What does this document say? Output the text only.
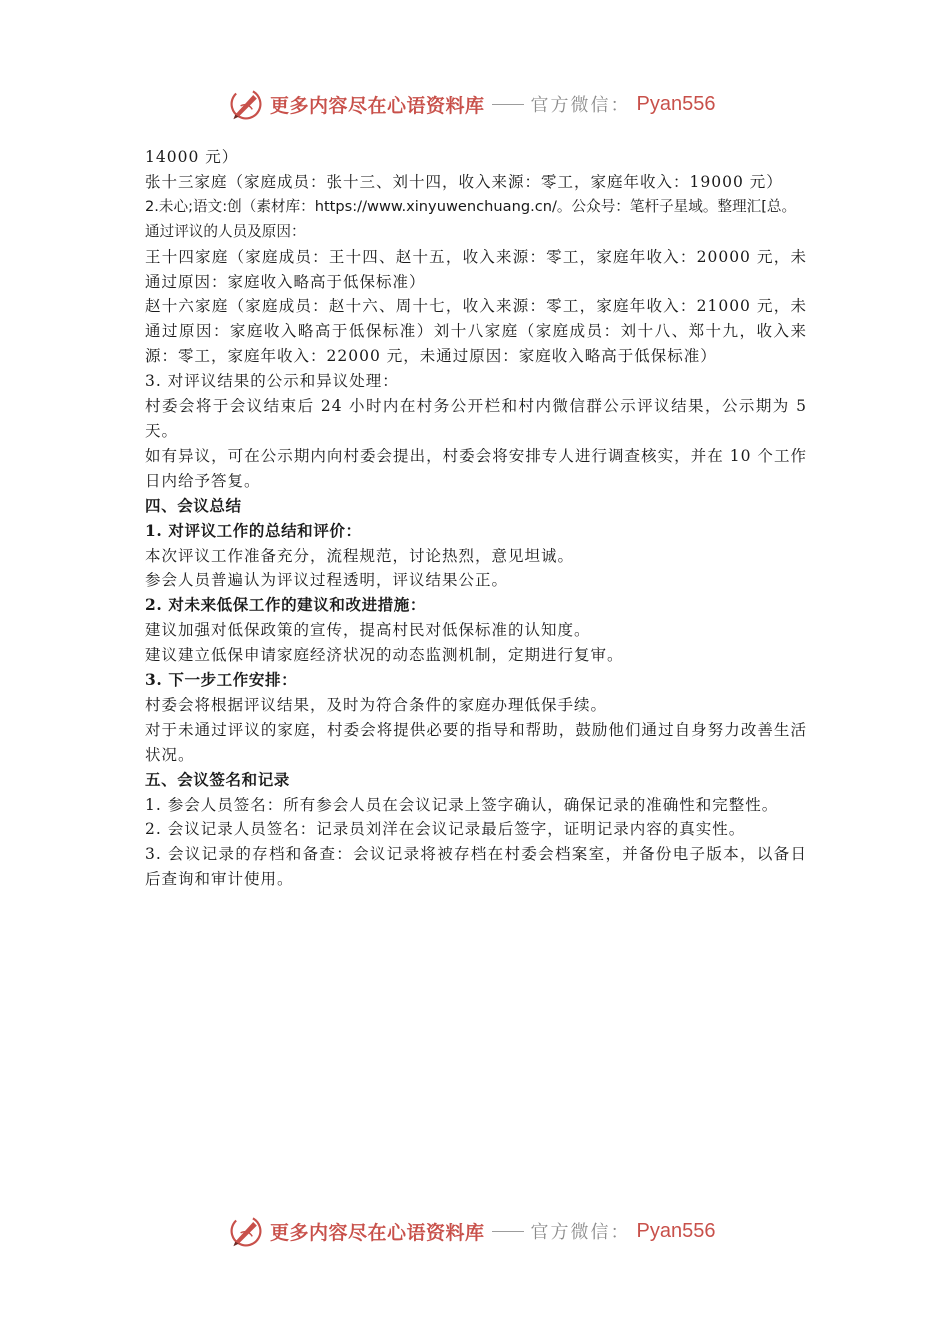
更多内容尽在心语资料库	官方微信： Pyan556

14000 元）

张十三家庭（家庭成员：张十三、刘十四，收入来源：零工，家庭年收入：19000 元）

2.未心;语文:创（素材库：https://www.xinyuwenchuang.cn/。公众号：笔杆子星域。整理汇[总。通过评议的人员及原因：

王十四家庭（家庭成员：王十四、赵十五，收入来源：零工，家庭年收入：20000 元，未通过原因：家庭收入略高于低保标准）

赵十六家庭（家庭成员：赵十六、周十七，收入来源：零工，家庭年收入：21000 元，未通过原因：家庭收入略高于低保标准）刘十八家庭（家庭成员：刘十八、郑十九，收入来源：零工，家庭年收入：22000 元，未通过原因：家庭收入略高于低保标准）

3. 对评议结果的公示和异议处理：

村委会将于会议结束后 24 小时内在村务公开栏和村内微信群公示评议结果，公示期为 5 天。

如有异议，可在公示期内向村委会提出，村委会将安排专人进行调查核实，并在 10 个工作日内给予答复。

四、会议总结

1. 对评议工作的总结和评价：

本次评议工作准备充分，流程规范，讨论热烈，意见坦诚。

参会人员普遍认为评议过程透明，评议结果公正。

2. 对未来低保工作的建议和改进措施：

建议加强对低保政策的宣传，提高村民对低保标准的认知度。

建议建立低保申请家庭经济状况的动态监测机制，定期进行复审。

3. 下一步工作安排：

村委会将根据评议结果，及时为符合条件的家庭办理低保手续。

对于未通过评议的家庭，村委会将提供必要的指导和帮助，鼓励他们通过自身努力改善生活状况。

五、会议签名和记录

1. 参会人员签名：所有参会人员在会议记录上签字确认，确保记录的准确性和完整性。

2. 会议记录人员签名：记录员刘洋在会议记录最后签字，证明记录内容的真实性。

3. 会议记录的存档和备查：会议记录将被存档在村委会档案室，并备份电子版本，以备日后查询和审计使用。

更多内容尽在心语资料库	官方微信： Pyan556
